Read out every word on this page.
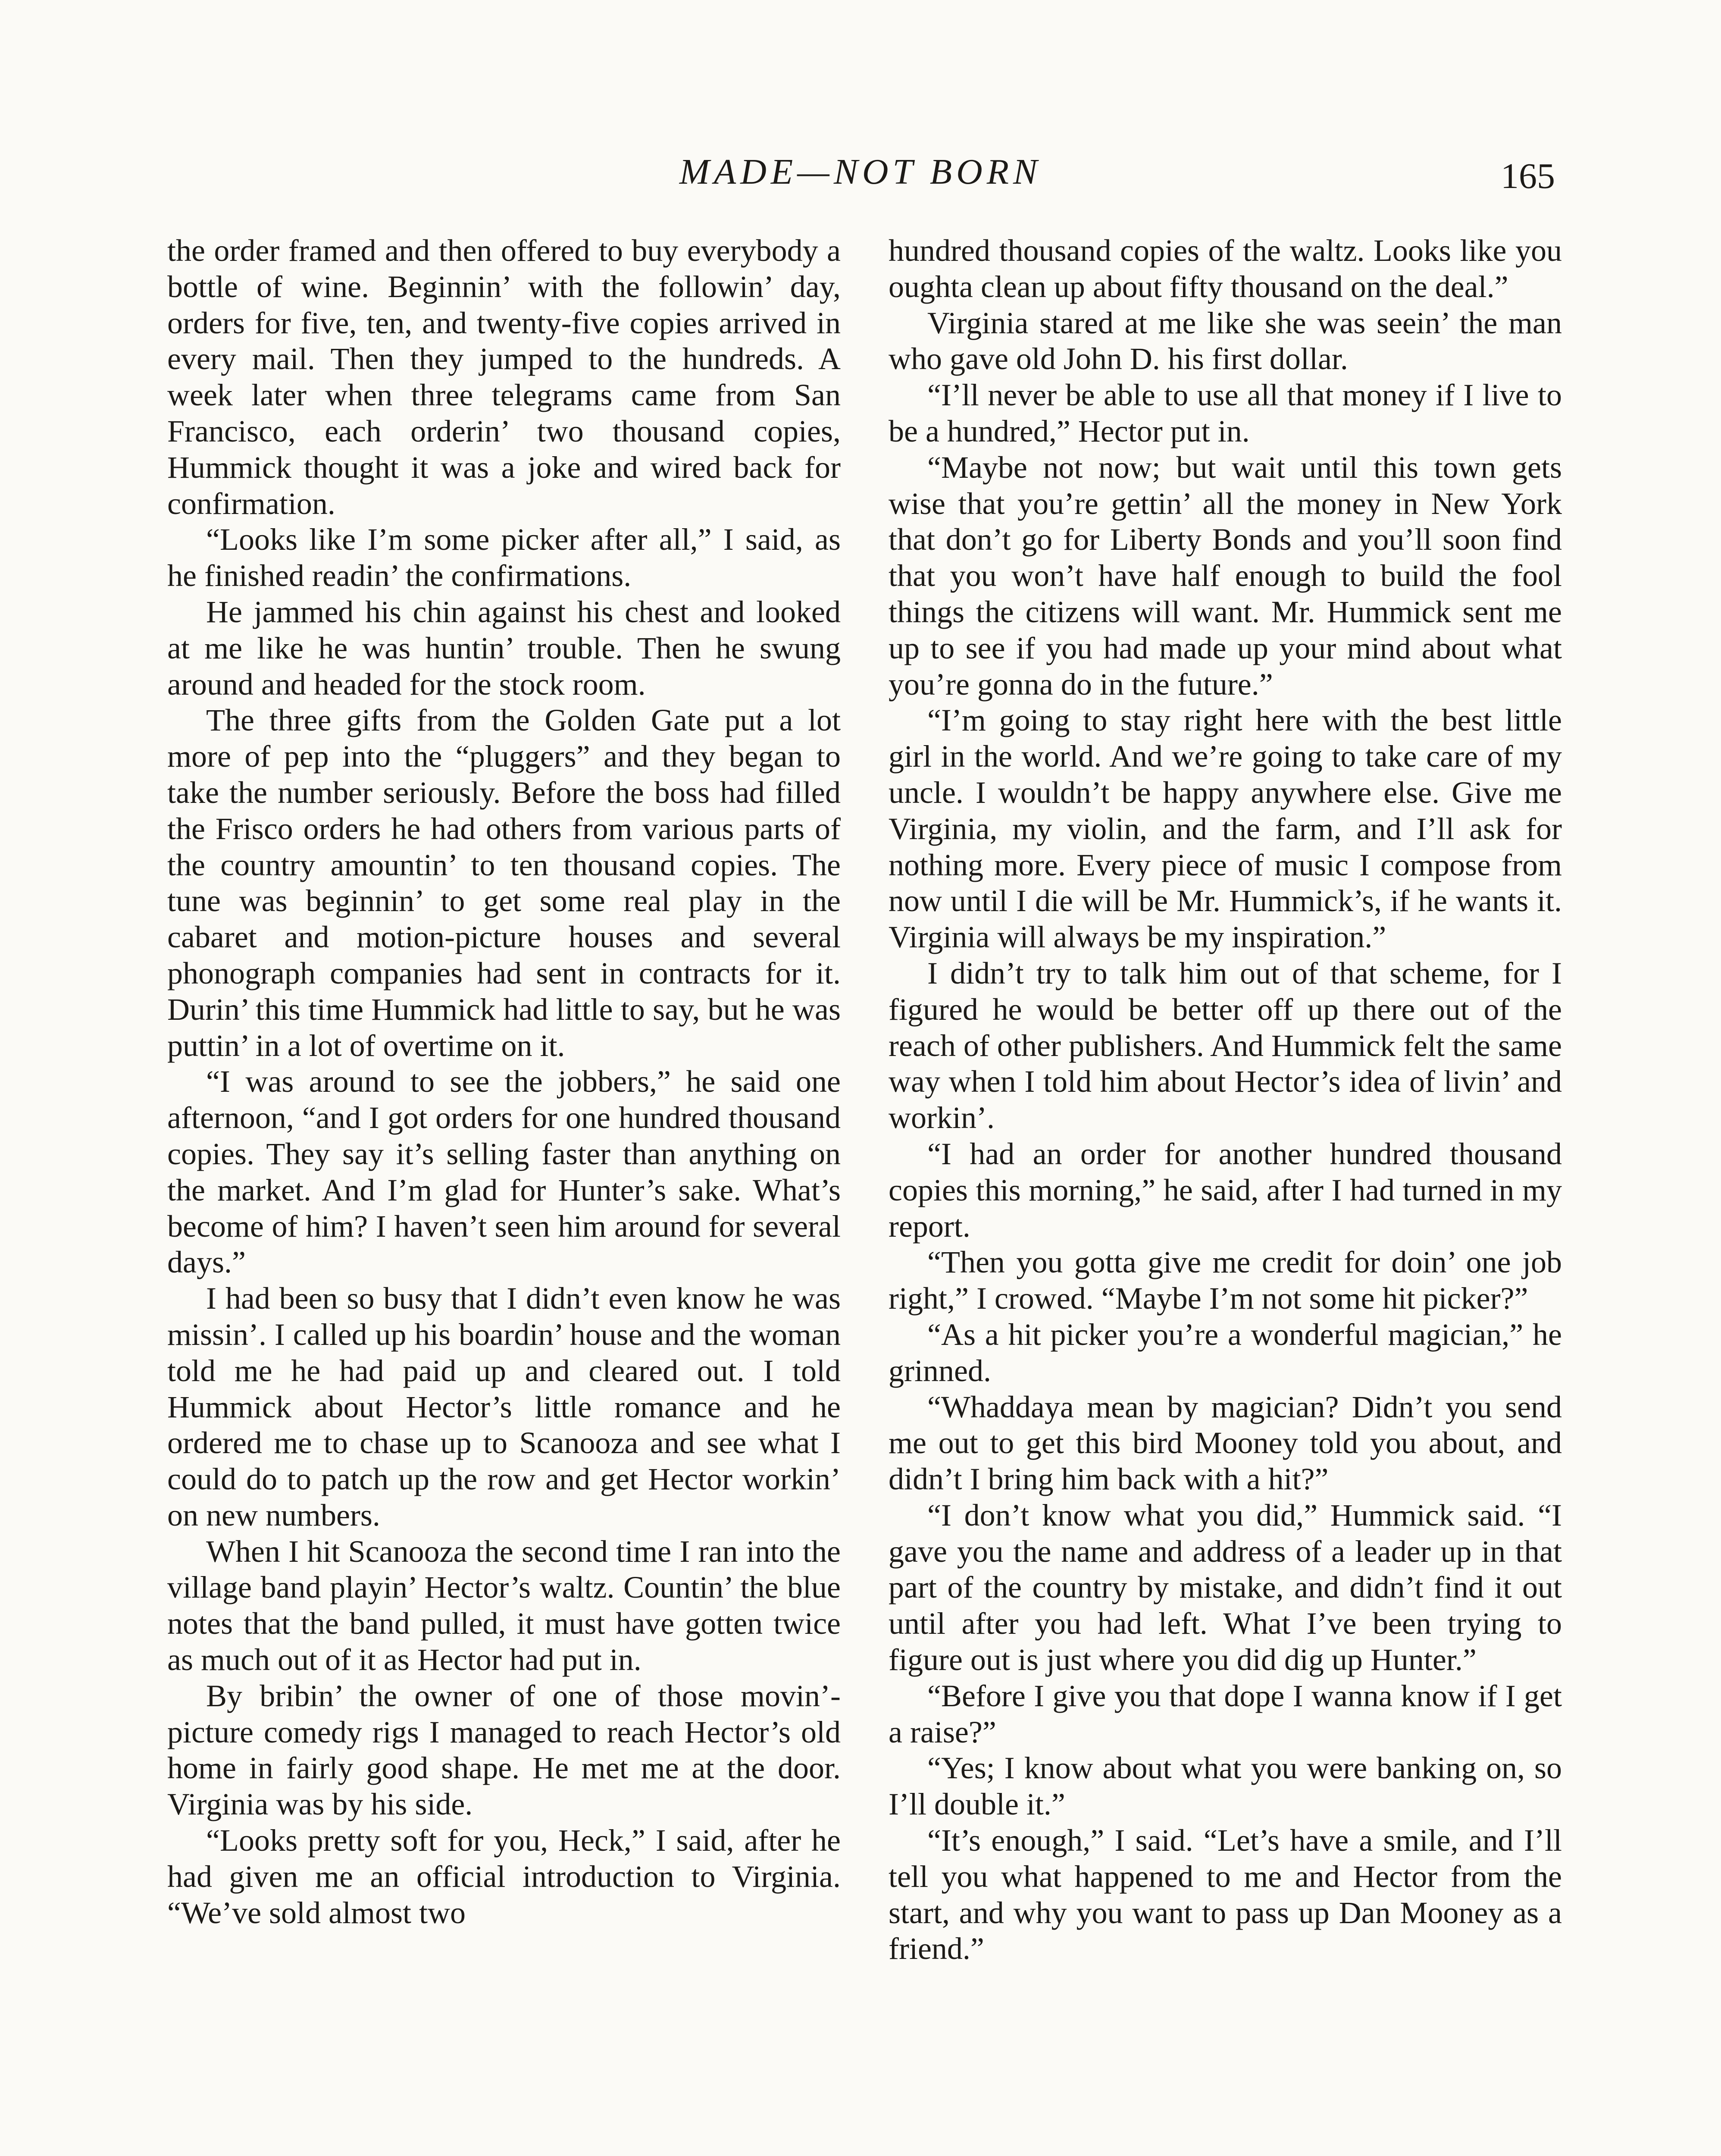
MADE—NOT BORN	165

the order framed and then offered to buy everybody a bottle of wine. Beginnin’ with the followin’ day, orders for five, ten, and twenty-five copies arrived in every mail. Then they jumped to the hundreds. A week later when three telegrams came from San Francisco, each orderin’ two thousand copies, Hummick thought it was a joke and wired back for confirmation.

“Looks like I’m some picker after all,” I said, as he finished readin’ the confirmations.

He jammed his chin against his chest and looked at me like he was huntin’ trouble. Then he swung around and headed for the stock room.

The three gifts from the Golden Gate put a lot more of pep into the “pluggers” and they began to take the number seriously. Before the boss had filled the Frisco orders he had others from various parts of the country amountin’ to ten thousand copies. The tune was beginnin’ to get some real play in the cabaret and motion-picture houses and several phonograph companies had sent in contracts for it. Durin’ this time Hummick had little to say, but he was puttin’ in a lot of overtime on it.

“I was around to see the jobbers,” he said one afternoon, “and I got orders for one hundred thousand copies. They say it’s selling faster than anything on the market. And I’m glad for Hunter’s sake. What’s become of him? I haven’t seen him around for several days.”

I had been so busy that I didn’t even know he was missin’. I called up his boardin’ house and the woman told me he had paid up and cleared out. I told Hummick about Hector’s little romance and he ordered me to chase up to Scanooza and see what I could do to patch up the row and get Hector workin’ on new numbers.

When I hit Scanooza the second time I ran into the village band playin’ Hector’s waltz. Countin’ the blue notes that the band pulled, it must have gotten twice as much out of it as Hector had put in.

By bribin’ the owner of one of those movin’-picture comedy rigs I managed to reach Hector’s old home in fairly good shape. He met me at the door. Virginia was by his side.

“Looks pretty soft for you, Heck,” I said, after he had given me an official introduction to Virginia. “We’ve sold almost two

hundred thousand copies of the waltz. Looks like you oughta clean up about fifty thousand on the deal.”

Virginia stared at me like she was seein’ the man who gave old John D. his first dollar.

“I’ll never be able to use all that money if I live to be a hundred,” Hector put in.

“Maybe not now; but wait until this town gets wise that you’re gettin’ all the money in New York that don’t go for Liberty Bonds and you’ll soon find that you won’t have half enough to build the fool things the citizens will want. Mr. Hummick sent me up to see if you had made up your mind about what you’re gonna do in the future.”

“I’m going to stay right here with the best little girl in the world. And we’re going to take care of my uncle. I wouldn’t be happy anywhere else. Give me Virginia, my violin, and the farm, and I’ll ask for nothing more. Every piece of music I compose from now until I die will be Mr. Hummick’s, if he wants it. Virginia will always be my inspiration.”

I didn’t try to talk him out of that scheme, for I figured he would be better off up there out of the reach of other publishers. And Hummick felt the same way when I told him about Hector’s idea of livin’ and workin’.

“I had an order for another hundred thousand copies this morning,” he said, after I had turned in my report.

“Then you gotta give me credit for doin’ one job right,” I crowed. “Maybe I’m not some hit picker?”

“As a hit picker you’re a wonderful magician,” he grinned.

“Whaddaya mean by magician? Didn’t you send me out to get this bird Mooney told you about, and didn’t I bring him back with a hit?”

“I don’t know what you did,” Hummick said. “I gave you the name and address of a leader up in that part of the country by mistake, and didn’t find it out until after you had left. What I’ve been trying to figure out is just where you did dig up Hunter.”

“Before I give you that dope I wanna know if I get a raise?”

“Yes; I know about what you were banking on, so I’ll double it.”

“It’s enough,” I said. “Let’s have a smile, and I’ll tell you what happened to me and Hector from the start, and why you want to pass up Dan Mooney as a friend.”
